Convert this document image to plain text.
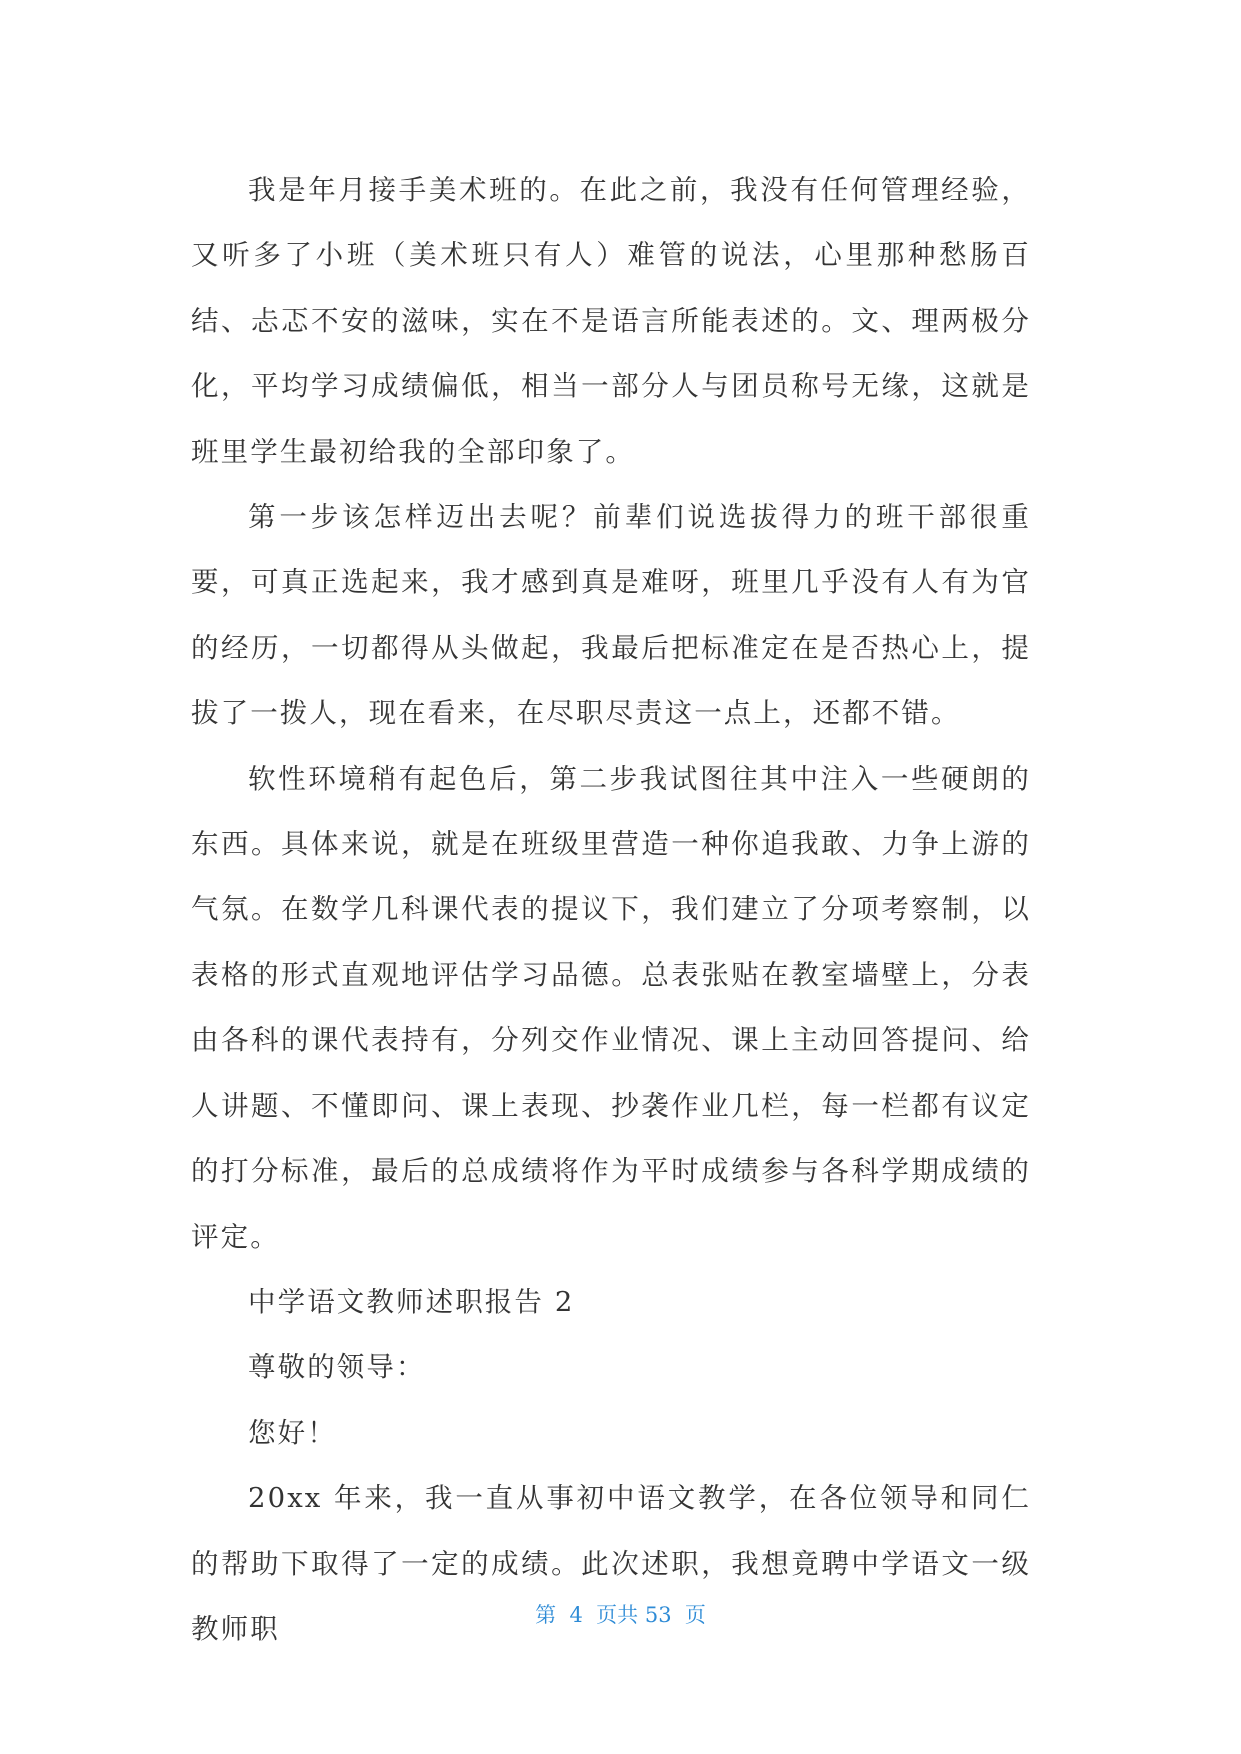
我是年月接手美术班的。在此之前，我没有任何管理经验，又听多了小班（美术班只有人）难管的说法，心里那种愁肠百结、忐忑不安的滋味，实在不是语言所能表述的。文、理两极分化，平均学习成绩偏低，相当一部分人与团员称号无缘，这就是班里学生最初给我的全部印象了。

第一步该怎样迈出去呢？前辈们说选拔得力的班干部很重要，可真正选起来，我才感到真是难呀，班里几乎没有人有为官的经历，一切都得从头做起，我最后把标准定在是否热心上，提拔了一拨人，现在看来，在尽职尽责这一点上，还都不错。

软性环境稍有起色后，第二步我试图往其中注入一些硬朗的东西。具体来说，就是在班级里营造一种你追我敢、力争上游的气氛。在数学几科课代表的提议下，我们建立了分项考察制，以表格的形式直观地评估学习品德。总表张贴在教室墙壁上，分表由各科的课代表持有，分列交作业情况、课上主动回答提问、给人讲题、不懂即问、课上表现、抄袭作业几栏，每一栏都有议定的打分标准，最后的总成绩将作为平时成绩参与各科学期成绩的评定。

中学语文教师述职报告 2

尊敬的领导：

您好！

20xx 年来，我一直从事初中语文教学，在各位领导和同仁的帮助下取得了一定的成绩。此次述职，我想竟聘中学语文一级教师职	第  4  页共 53  页
